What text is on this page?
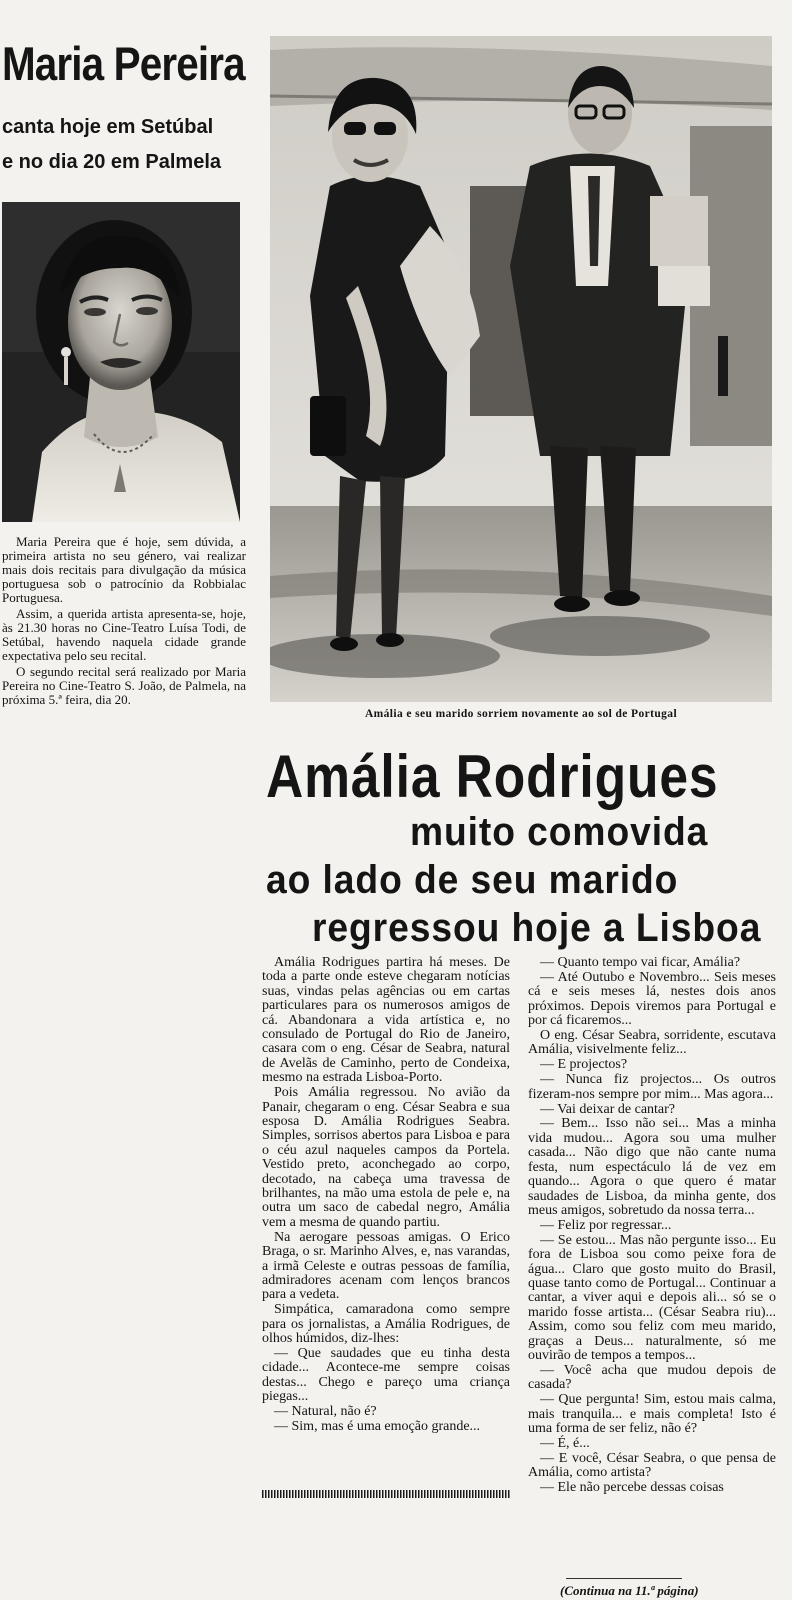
Maria Pereira
canta hoje em Setúbal
e no dia 20 em Palmela

Maria Pereira que é hoje, sem dúvida, a primeira artista no seu género, vai realizar mais dois recitais para divulgação da música portuguesa sob o patrocínio da Robbialac Portuguesa.

Assim, a querida artista apresenta-se, hoje, às 21.30 horas no Cine-Teatro Luísa Todi, de Setúbal, havendo naquela cidade grande expectativa pelo seu recital.

O segundo recital será realizado por Maria Pereira no Cine-Teatro S. João, de Palmela, na próxima 5.ª feira, dia 20.

Amália e seu marido sorriem novamente ao sol de Portugal
Amália Rodrigues
muito comovida
ao lado de seu marido
regressou hoje a Lisboa

Amália Rodrigues partira há meses. De toda a parte onde esteve chegaram notícias suas, vindas pelas agências ou em cartas particulares para os numerosos amigos de cá. Abandonara a vida artística e, no consulado de Portugal do Rio de Janeiro, casara com o eng. César de Seabra, natural de Avelãs de Caminho, perto de Condeixa, mesmo na estrada Lisboa-Porto.

Pois Amália regressou. No avião da Panair, chegaram o eng. César Seabra e sua esposa D. Amália Rodrigues Seabra. Simples, sorrisos abertos para Lisboa e para o céu azul naqueles campos da Portela. Vestido preto, aconchegado ao corpo, decotado, na cabeça uma travessa de brilhantes, na mão uma estola de pele e, na outra um saco de cabedal negro, Amália vem a mesma de quando partiu.

Na aerogare pessoas amigas. O Erico Braga, o sr. Marinho Alves, e, nas varandas, a irmã Celeste e outras pessoas de família, admiradores acenam com lenços brancos para a vedeta.

Simpática, camaradona como sempre para os jornalistas, a Amália Rodrigues, de olhos húmidos, diz-lhes:

— Que saudades que eu tinha desta cidade... Acontece-me sempre coisas destas... Chego e pareço uma criança piegas...

— Natural, não é?

— Sim, mas é uma emoção grande...

— Quanto tempo vai ficar, Amália?

— Até Outubo e Novembro... Seis meses cá e seis meses lá, nestes dois anos próximos. Depois viremos para Portugal e por cá ficaremos...

O eng. César Seabra, sorridente, escutava Amália, visivelmente feliz...

— E projectos?

— Nunca fiz projectos... Os outros fizeram-nos sempre por mim... Mas agora...

— Vai deixar de cantar?

— Bem... Isso não sei... Mas a minha vida mudou... Agora sou uma mulher casada... Não digo que não cante numa festa, num espectáculo lá de vez em quando... Agora o que quero é matar saudades de Lisboa, da minha gente, dos meus amigos, sobretudo da nossa terra...

— Feliz por regressar...

— Se estou... Mas não pergunte isso... Eu fora de Lisboa sou como peixe fora de água... Claro que gosto muito do Brasil, quase tanto como de Portugal... Continuar a cantar, a viver aqui e depois ali... só se o marido fosse artista... (César Seabra riu)... Assim, como sou feliz com meu marido, graças a Deus... naturalmente, só me ouvirão de tempos a tempos...

— Você acha que mudou depois de casada?

— Que pergunta! Sim, estou mais calma, mais tranquila... e mais completa! Isto é uma forma de ser feliz, não é?

— É, é...

— E você, César Seabra, o que pensa de Amália, como artista?

— Ele não percebe dessas coisas

(Continua na 11.ª página)
